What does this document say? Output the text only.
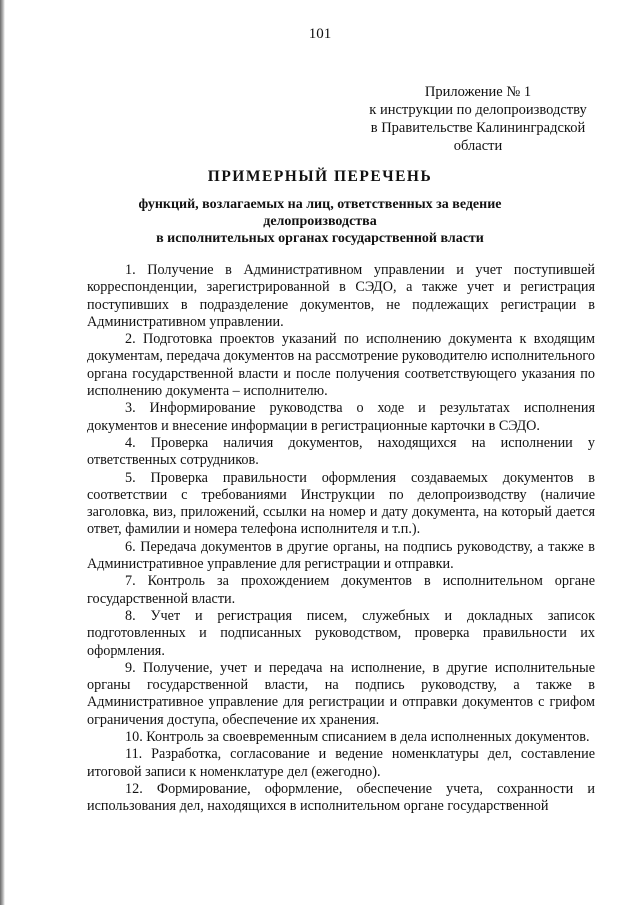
101
Приложение № 1
к инструкции по делопроизводству
в Правительстве Калининградской
области
ПРИМЕРНЫЙ ПЕРЕЧЕНЬ
функций, возлагаемых на лиц, ответственных за ведение
делопроизводства
в исполнительных органах государственной власти

1. Получение в Административном управлении и учет поступившей корреспонденции, зарегистрированной в СЭДО, а также учет и регистрация поступивших в подразделение документов, не подлежащих регистрации в Административном управлении.

2. Подготовка проектов указаний по исполнению документа к входящим документам, передача документов на рассмотрение руководителю исполнительного органа государственной власти и после получения соответствующего указания по исполнению документа – исполнителю.

3. Информирование руководства о ходе и результатах исполнения документов и внесение информации в регистрационные карточки в СЭДО.

4. Проверка наличия документов, находящихся на исполнении у ответственных сотрудников.

5. Проверка правильности оформления создаваемых документов в соответствии с требованиями Инструкции по делопроизводству (наличие заголовка, виз, приложений, ссылки на номер и дату документа, на который дается ответ, фамилии и номера телефона исполнителя и т.п.).

6. Передача документов в другие органы, на подпись руководству, а также в Административное управление для регистрации и отправки.

7. Контроль за прохождением документов в исполнительном органе государственной власти.

8. Учет и регистрация писем, служебных и докладных записок подготовленных и подписанных руководством, проверка правильности их оформления.

9. Получение, учет и передача на исполнение, в другие исполнительные органы государственной власти, на подпись руководству, а также в Административное управление для регистрации и отправки документов с грифом ограничения доступа, обеспечение их хранения.

10. Контроль за своевременным списанием в дела исполненных документов.

11. Разработка, согласование и ведение номенклатуры дел, составление итоговой записи к номенклатуре дел (ежегодно).

12. Формирование, оформление, обеспечение учета, сохранности и использования дел, находящихся в исполнительном органе государственной
